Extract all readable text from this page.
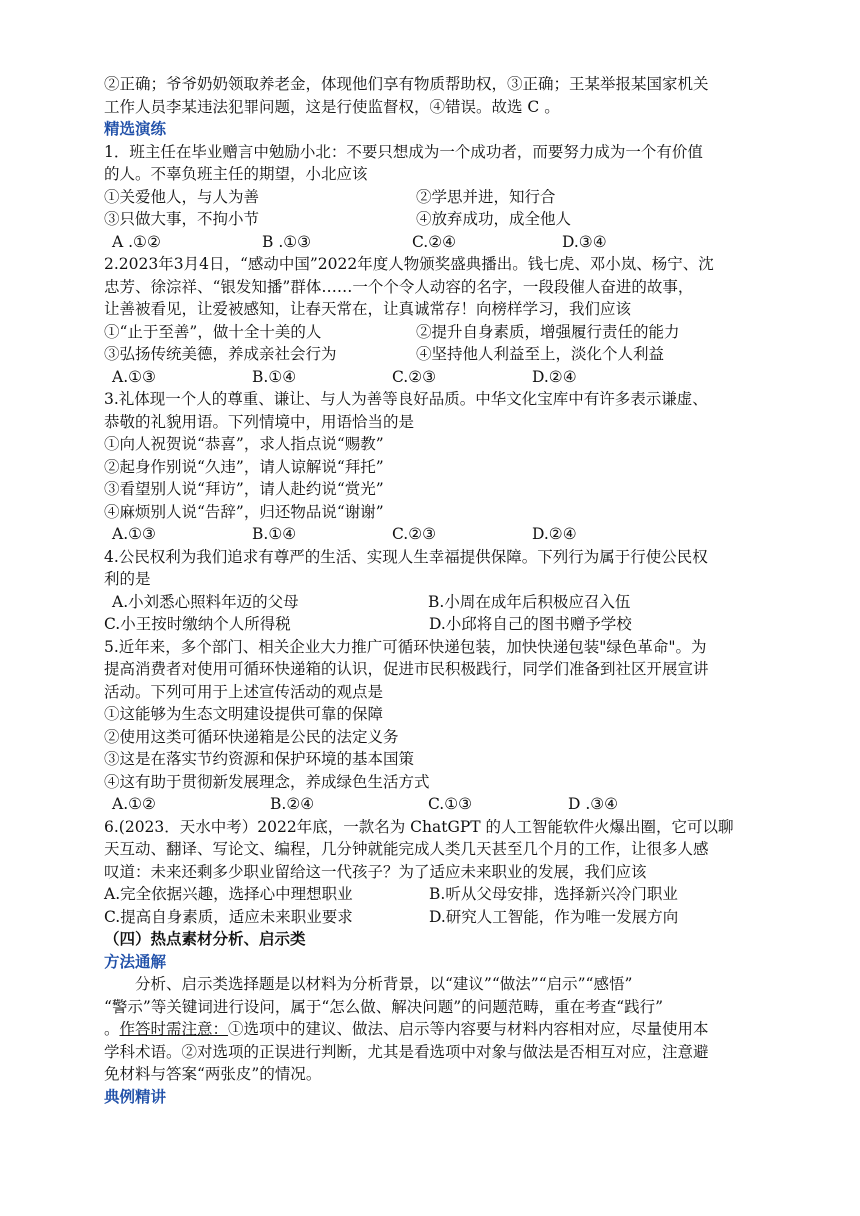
②正确；爷爷奶奶领取养老金，体现他们享有物质帮助权，③正确；王某举报某国家机关
工作人员李某违法犯罪问题，这是行使监督权，④错误。故选 C 。
精选演练
1．班主任在毕业赠言中勉励小北：不要只想成为一个成功者，而要努力成为一个有价值
的人。不辜负班主任的期望，小北应该
①关爱他人，与人为善	②学思并进，知行合
③只做大事，不拘小节	④放弃成功，成全他人
A .①②	B .①③	C.②④	D.③④
2.2023年3月4日，“感动中国”2022年度人物颁奖盛典播出。钱七虎、邓小岚、杨宁、沈
忠芳、徐淙祥、“银发知播”群体……一个个令人动容的名字，一段段催人奋进的故事，
让善被看见，让爱被感知，让春天常在，让真诚常存！向榜样学习，我们应该
①“止于至善”，做十全十美的人	②提升自身素质，增强履行责任的能力
③弘扬传统美德，养成亲社会行为	④坚持他人利益至上，淡化个人利益
A.①③	B.①④	C.②③	D.②④
3.礼体现一个人的尊重、谦让、与人为善等良好品质。中华文化宝库中有许多表示谦虚、
恭敬的礼貌用语。下列情境中，用语恰当的是
①向人祝贺说“恭喜”，求人指点说“赐教”
②起身作别说“久违”，请人谅解说“拜托”
③看望别人说“拜访”，请人赴约说“赏光”
④麻烦别人说“告辞”，归还物品说“谢谢”
A.①③	B.①④	C.②③	D.②④
4.公民权利为我们追求有尊严的生活、实现人生幸福提供保障。下列行为属于行使公民权
利的是
A.小刘悉心照料年迈的父母	B.小周在成年后积极应召入伍
C.小王按时缴纳个人所得税	D.小邱将自己的图书赠予学校
5.近年来，多个部门、相关企业大力推广可循环快递包装，加快快递包装"绿色革命"。为
提高消费者对使用可循环快递箱的认识，促进市民积极践行，同学们准备到社区开展宣讲
活动。下列可用于上述宣传活动的观点是
①这能够为生态文明建设提供可靠的保障
②使用这类可循环快递箱是公民的法定义务
③这是在落实节约资源和保护环境的基本国策
④这有助于贯彻新发展理念，养成绿色生活方式
A.①②	B.②④	C.①③	D .③④
6.(2023．天水中考）2022年底，一款名为 ChatGPT 的人工智能软件火爆出圈，它可以聊
天互动、翻译、写论文、编程，几分钟就能完成人类几天甚至几个月的工作，让很多人感
叹道：未来还剩多少职业留给这一代孩子？为了适应未来职业的发展，我们应该
A.完全依据兴趣，选择心中理想职业	B.听从父母安排，选择新兴冷门职业
C.提高自身素质，适应未来职业要求	D.研究人工智能，作为唯一发展方向
（四）热点素材分析、启示类
方法通解
分析、启示类选择题是以材料为分析背景，以“建议”“做法”“启示”“感悟”
“警示”等关键词进行设问，属于“怎么做、解决问题”的问题范畴，重在考查“践行”
。作答时需注意：①选项中的建议、做法、启示等内容要与材料内容相对应，尽量使用本
学科术语。②对选项的正误进行判断，尤其是看选项中对象与做法是否相互对应，注意避
免材料与答案“两张皮”的情况。
典例精讲
